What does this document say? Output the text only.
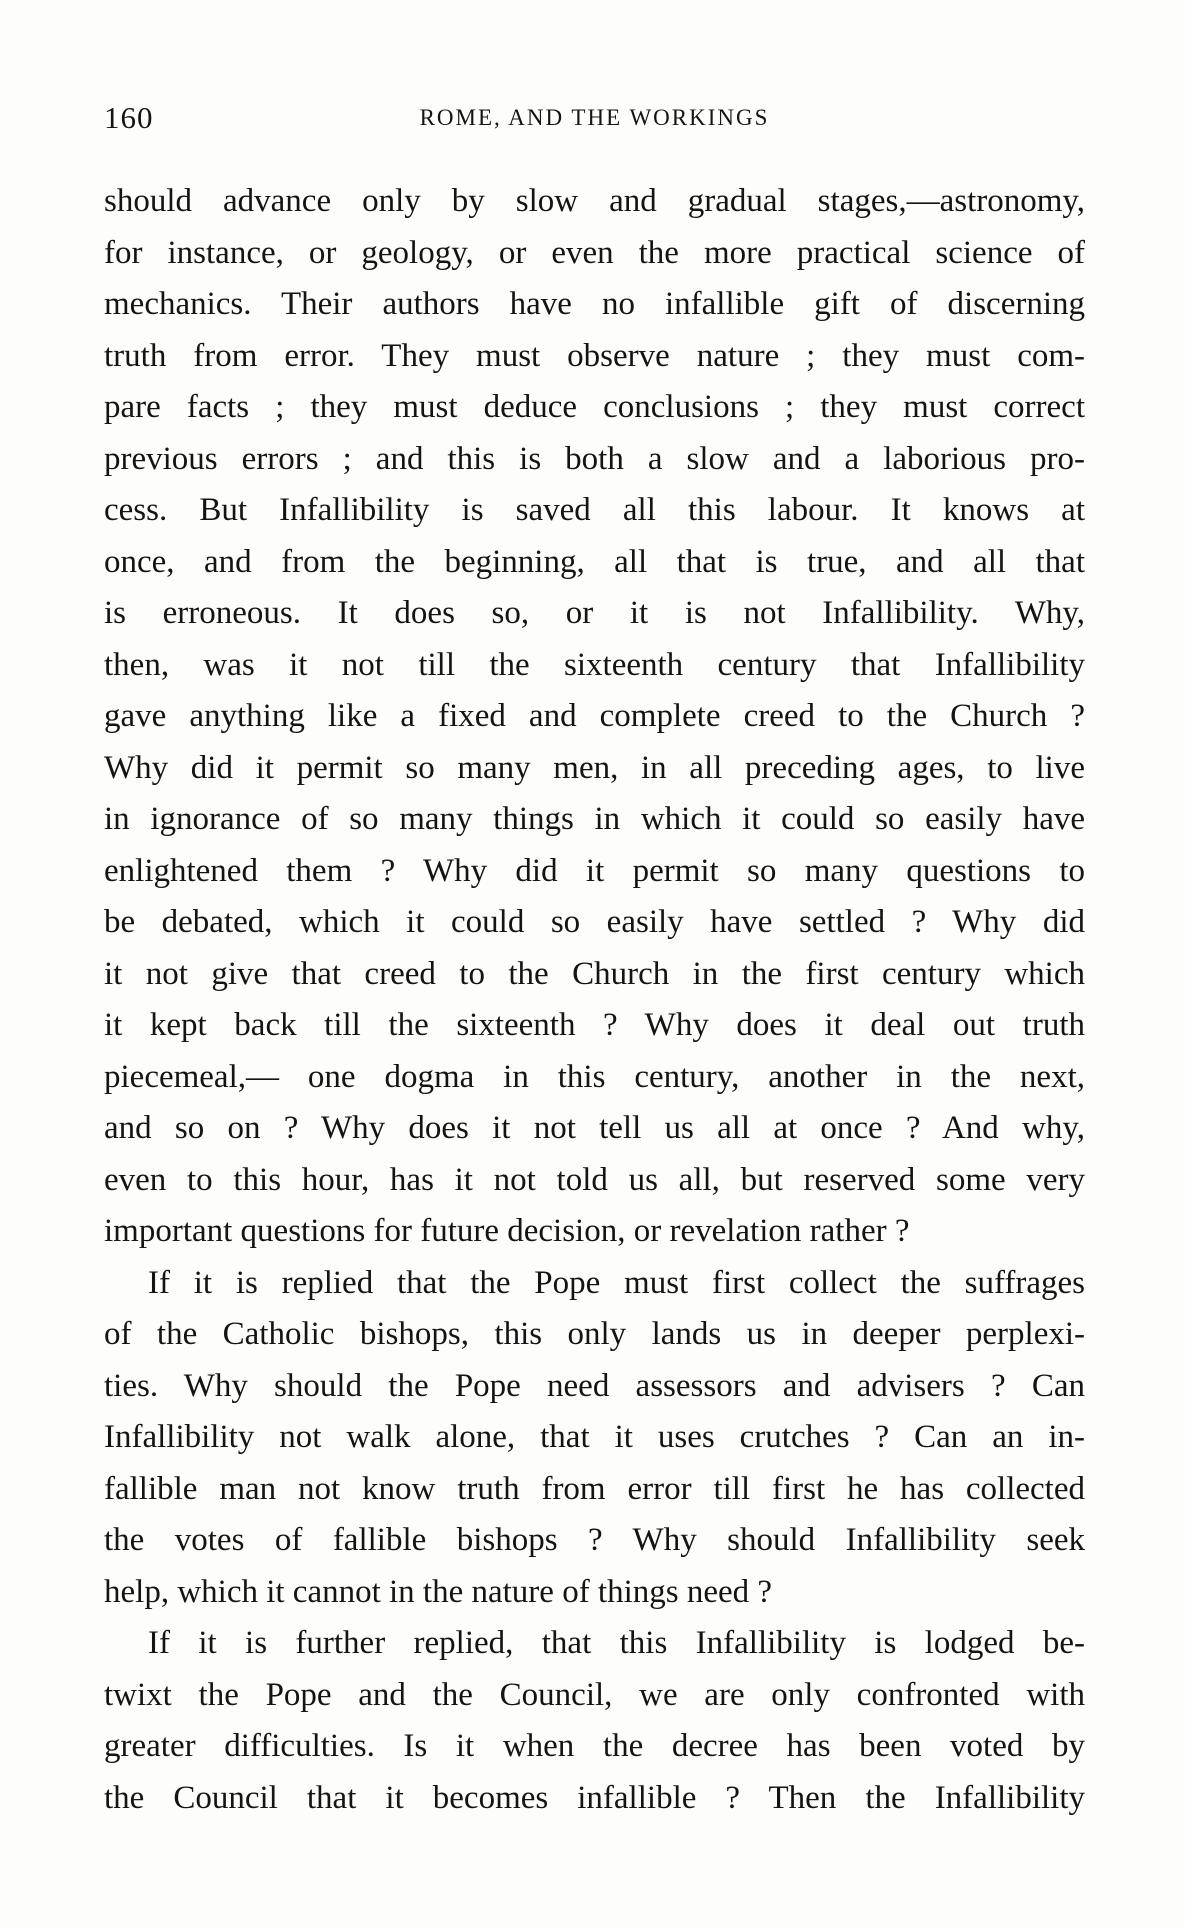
160	ROME, AND THE WORKINGS
should advance only by slow and gradual stages,—astronomy,
for instance, or geology, or even the more practical science of
mechanics. Their authors have no infallible gift of discerning
truth from error. They must observe nature ; they must com-
pare facts ; they must deduce conclusions ; they must correct
previous errors ; and this is both a slow and a laborious pro-
cess. But Infallibility is saved all this labour. It knows at
once, and from the beginning, all that is true, and all that
is erroneous. It does so, or it is not Infallibility. Why,
then, was it not till the sixteenth century that Infallibility
gave anything like a fixed and complete creed to the Church ?
Why did it permit so many men, in all preceding ages, to live
in ignorance of so many things in which it could so easily have
enlightened them ? Why did it permit so many questions to
be debated, which it could so easily have settled ? Why did
it not give that creed to the Church in the first century which
it kept back till the sixteenth ? Why does it deal out truth
piecemeal,— one dogma in this century, another in the next,
and so on ? Why does it not tell us all at once ? And why,
even to this hour, has it not told us all, but reserved some very
important questions for future decision, or revelation rather ?
If it is replied that the Pope must first collect the suffrages
of the Catholic bishops, this only lands us in deeper perplexi-
ties. Why should the Pope need assessors and advisers ? Can
Infallibility not walk alone, that it uses crutches ? Can an in-
fallible man not know truth from error till first he has collected
the votes of fallible bishops ? Why should Infallibility seek
help, which it cannot in the nature of things need ?
If it is further replied, that this Infallibility is lodged be-
twixt the Pope and the Council, we are only confronted with
greater difficulties. Is it when the decree has been voted by
the Council that it becomes infallible ? Then the Infallibility
